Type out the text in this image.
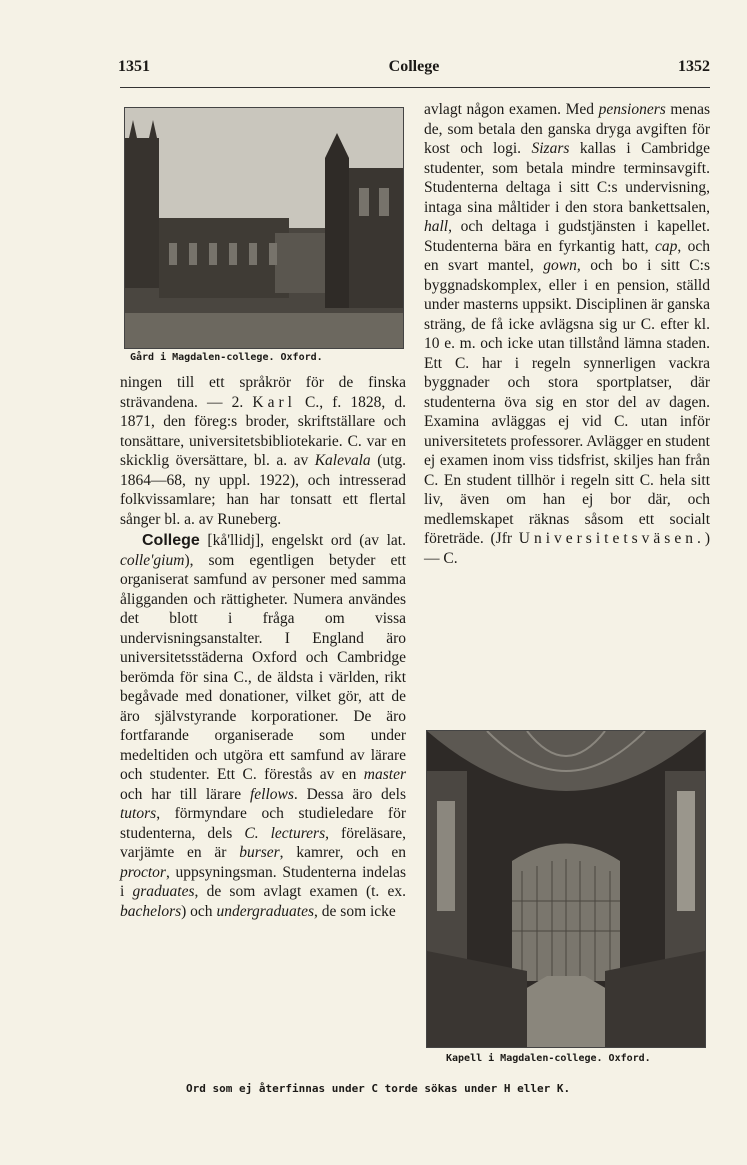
1351	College	1352
Gård i Magdalen-college. Oxford.

ningen till ett språkrör för de finska strävandena. — 2. Karl C., f. 1828, d. 1871, den föreg:s broder, skriftställare och tonsättare, universitetsbibliotekarie. C. var en skicklig översättare, bl. a. av Kalevala (utg. 1864—68, ny uppl. 1922), och intresserad folkvissamlare; han har tonsatt ett flertal sånger bl. a. av Runeberg.

College [kå'llidj], engelskt ord (av lat. colle'gium), som egentligen betyder ett organiserat samfund av personer med samma åligganden och rättigheter. Numera användes det blott i fråga om vissa undervisningsanstalter. I England äro universitetsstäderna Oxford och Cambridge berömda för sina C., de äldsta i världen, rikt begåvade med donationer, vilket gör, att de äro självstyrande korporationer. De äro fortfarande organiserade som under medeltiden och utgöra ett samfund av lärare och studenter. Ett C. förestås av en master och har till lärare fellows. Dessa äro dels tutors, förmyndare och studieledare för studenterna, dels C. lecturers, föreläsare, varjämte en är burser, kamrer, och en proctor, uppsyningsman. Studenterna indelas i graduates, de som avlagt examen (t. ex. bachelors) och undergraduates, de som icke

avlagt någon examen. Med pensioners menas de, som betala den ganska dryga avgiften för kost och logi. Sizars kallas i Cambridge studenter, som betala mindre terminsavgift. Studenterna deltaga i sitt C:s undervisning, intaga sina måltider i den stora bankettsalen, hall, och deltaga i gudstjänsten i kapellet. Studenterna bära en fyrkantig hatt, cap, och en svart mantel, gown, och bo i sitt C:s byggnadskomplex, eller i en pension, ställd under masterns uppsikt. Disciplinen är ganska sträng, de få icke avlägsna sig ur C. efter kl. 10 e. m. och icke utan tillstånd lämna staden. Ett C. har i regeln synnerligen vackra byggnader och stora sportplatser, där studenterna öva sig en stor del av dagen. Examina avläggas ej vid C. utan inför universitetets professorer. Avlägger en student ej examen inom viss tidsfrist, skiljes han från C. En student tillhör i regeln sitt C. hela sitt liv, även om han ej bor där, och medlemskapet räknas såsom ett socialt företräde. (Jfr Universitetsväsen.) — C.

Kapell i Magdalen-college. Oxford.
Ord som ej återfinnas under C torde sökas under H eller K.
